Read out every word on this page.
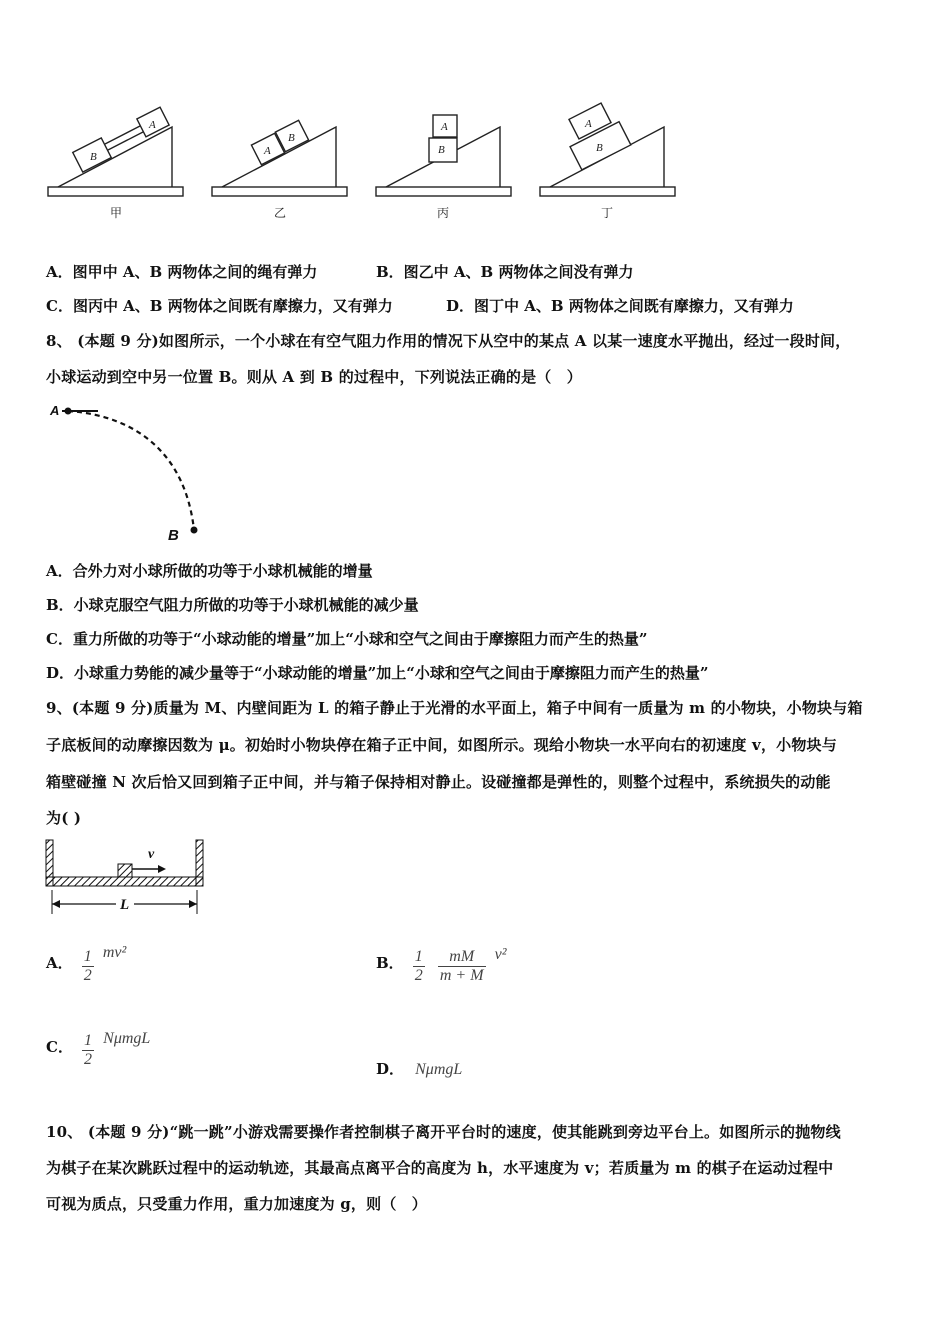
B
A
A
B
B
A
B
A
甲	乙	丙	丁
A．图甲中 A、B 两物体之间的绳有弹力	B．图乙中 A、B 两物体之间没有弹力
C．图丙中 A、B 两物体之间既有摩擦力，又有弹力	D．图丁中 A、B 两物体之间既有摩擦力，又有弹力
8、 (本题 9 分)如图所示，一个小球在有空气阻力作用的情况下从空中的某点 A 以某一速度水平抛出，经过一段时间，
小球运动到空中另一位置 B。则从 A 到 B 的过程中，下列说法正确的是（　）
A
B
A．合外力对小球所做的功等于小球机械能的增量
B．小球克服空气阻力所做的功等于小球机械能的减少量
C．重力所做的功等于“小球动能的增量”加上“小球和空气之间由于摩擦阻力而产生的热量”
D．小球重力势能的减少量等于“小球动能的增量”加上“小球和空气之间由于摩擦阻力而产生的热量”
9、(本题 9 分)质量为 M、内壁间距为 L 的箱子静止于光滑的水平面上，箱子中间有一质量为 m 的小物块，小物块与箱
子底板间的动摩擦因数为 μ。初始时小物块停在箱子正中间，如图所示。现给小物块一水平向右的初速度 v，小物块与
箱壁碰撞 N 次后恰又回到箱子正中间，并与箱子保持相对静止。设碰撞都是弹性的，则整个过程中，系统损失的动能
为( )
v
L
A． $\frac{1}{2} mv^2$
B． $\frac{1}{2}$
$\frac{mM}{m + M} v^2$
C． $\frac{1}{2}$ NμmgL
D． NμmgL
10、 (本题 9 分)“跳一跳”小游戏需要操作者控制棋子离开平台时的速度，使其能跳到旁边平台上。如图所示的抛物线
为棋子在某次跳跃过程中的运动轨迹，其最高点离平合的高度为 h，水平速度为 v；若质量为 m 的棋子在运动过程中
可视为质点，只受重力作用，重力加速度为 g，则（　）
